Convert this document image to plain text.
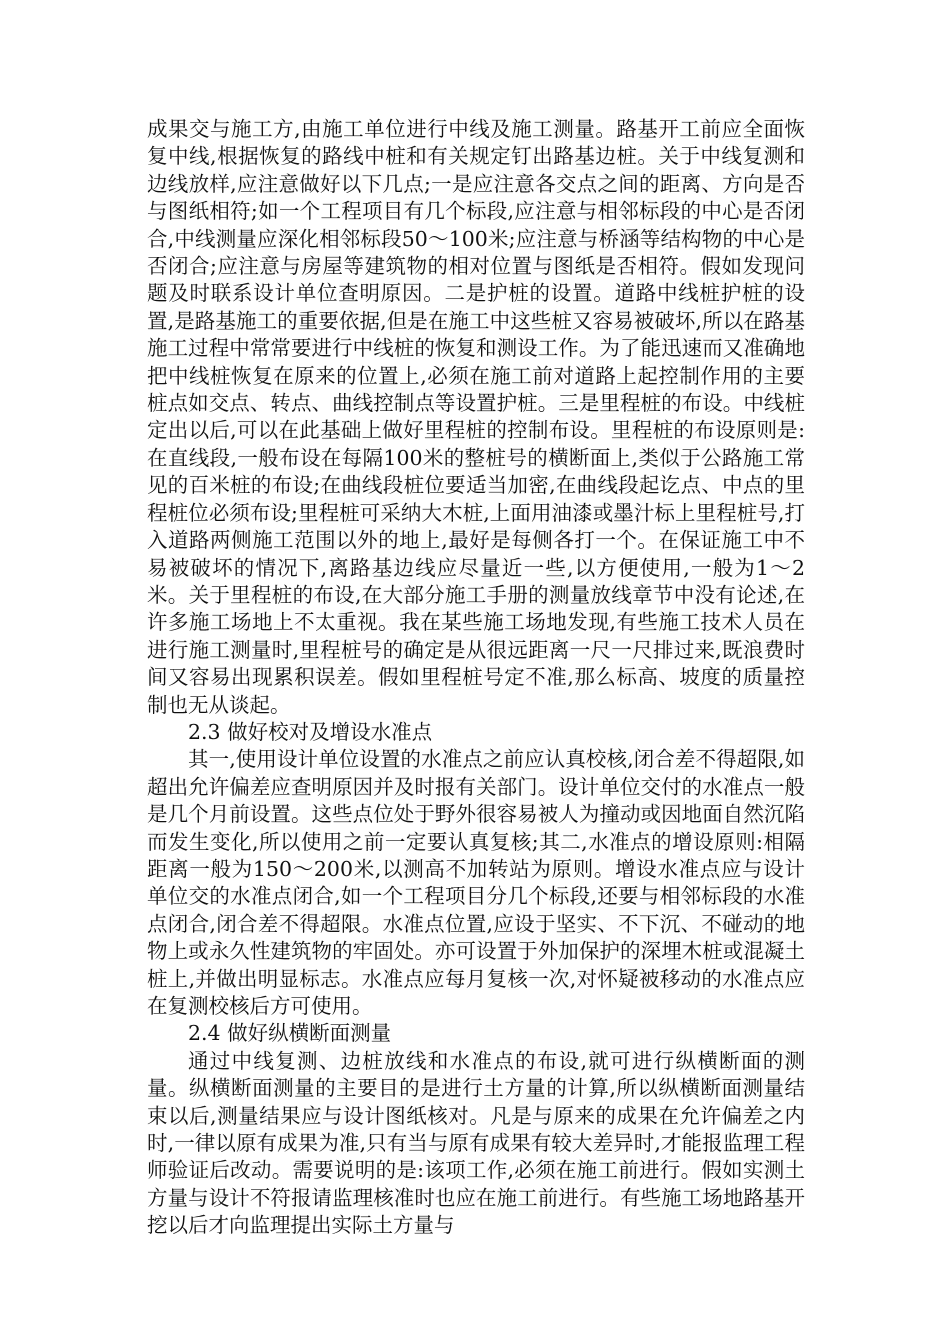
成果交与施工方,由施工单位进行中线及施工测量。路基开工前应全面恢复中线,根据恢复的路线中桩和有关规定钉出路基边桩。关于中线复测和边线放样,应注意做好以下几点;一是应注意各交点之间的距离、方向是否与图纸相符;如一个工程项目有几个标段,应注意与相邻标段的中心是否闭合,中线测量应深化相邻标段50～100米;应注意与桥涵等结构物的中心是否闭合;应注意与房屋等建筑物的相对位置与图纸是否相符。假如发现问题及时联系设计单位查明原因。二是护桩的设置。道路中线桩护桩的设置,是路基施工的重要依据,但是在施工中这些桩又容易被破坏,所以在路基施工过程中常常要进行中线桩的恢复和测设工作。为了能迅速而又准确地把中线桩恢复在原来的位置上,必须在施工前对道路上起控制作用的主要桩点如交点、转点、曲线控制点等设置护桩。三是里程桩的布设。中线桩定出以后,可以在此基础上做好里程桩的控制布设。里程桩的布设原则是:在直线段,一般布设在每隔100米的整桩号的横断面上,类似于公路施工常见的百米桩的布设;在曲线段桩位要适当加密,在曲线段起讫点、中点的里程桩位必须布设;里程桩可采纳大木桩,上面用油漆或墨汁标上里程桩号,打入道路两侧施工范围以外的地上,最好是每侧各打一个。在保证施工中不易被破坏的情况下,离路基边线应尽量近一些,以方便使用,一般为1～2米。关于里程桩的布设,在大部分施工手册的测量放线章节中没有论述,在许多施工场地上不太重视。我在某些施工场地发现,有些施工技术人员在进行施工测量时,里程桩号的确定是从很远距离一尺一尺排过来,既浪费时间又容易出现累积误差。假如里程桩号定不准,那么标高、坡度的质量控制也无从谈起。

2.3 做好校对及增设水准点

其一,使用设计单位设置的水准点之前应认真校核,闭合差不得超限,如超出允许偏差应查明原因并及时报有关部门。设计单位交付的水准点一般是几个月前设置。这些点位处于野外很容易被人为撞动或因地面自然沉陷而发生变化,所以使用之前一定要认真复核;其二,水准点的增设原则:相隔距离一般为150～200米,以测高不加转站为原则。增设水准点应与设计单位交的水准点闭合,如一个工程项目分几个标段,还要与相邻标段的水准点闭合,闭合差不得超限。水准点位置,应设于坚实、不下沉、不碰动的地物上或永久性建筑物的牢固处。亦可设置于外加保护的深埋木桩或混凝土桩上,并做出明显标志。水准点应每月复核一次,对怀疑被移动的水准点应在复测校核后方可使用。

2.4 做好纵横断面测量

通过中线复测、边桩放线和水准点的布设,就可进行纵横断面的测量。纵横断面测量的主要目的是进行土方量的计算,所以纵横断面测量结束以后,测量结果应与设计图纸核对。凡是与原来的成果在允许偏差之内时,一律以原有成果为准,只有当与原有成果有较大差异时,才能报监理工程师验证后改动。需要说明的是:该项工作,必须在施工前进行。假如实测土方量与设计不符报请监理核准时也应在施工前进行。有些施工场地路基开挖以后才向监理提出实际土方量与
